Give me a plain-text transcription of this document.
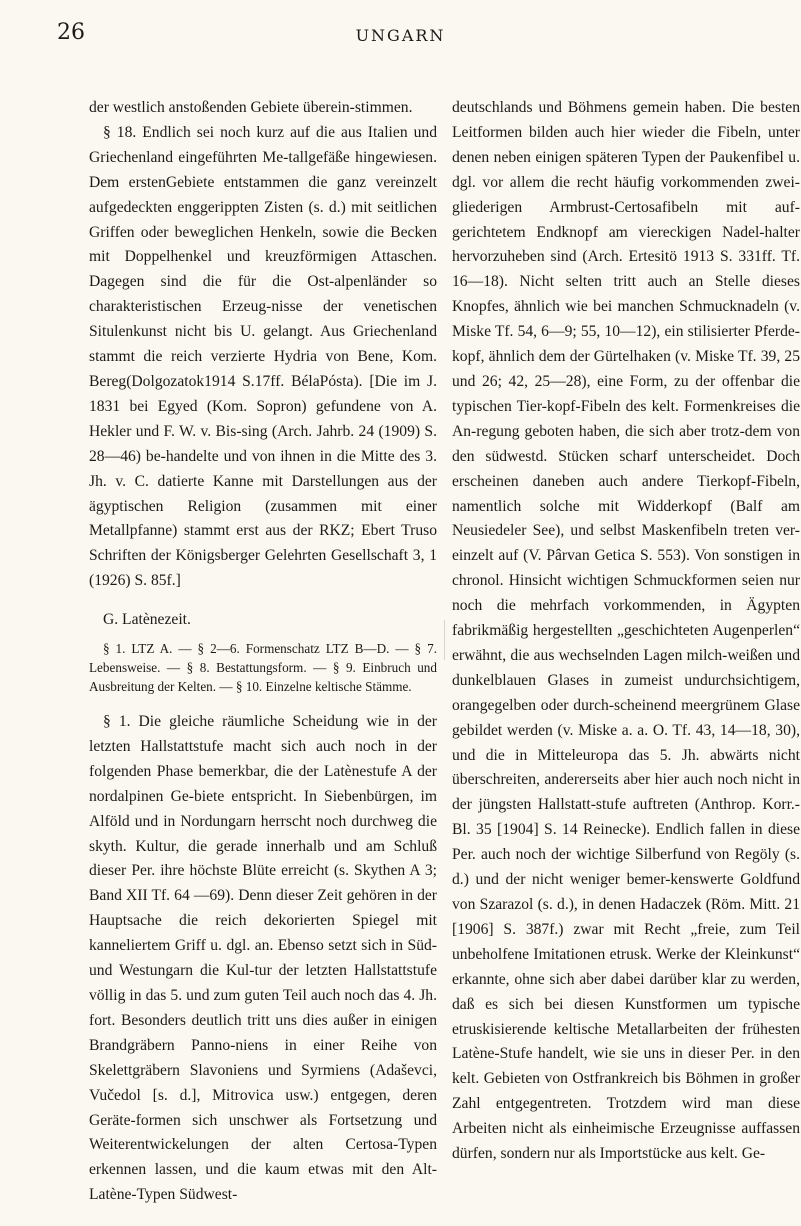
26	UNGARN

der westlich anstoßenden Gebiete überein-stimmen.

§ 18. Endlich sei noch kurz auf die aus Italien und Griechenland eingeführten Me-tallgefäße hingewiesen. Dem erstenGebiete entstammen die ganz vereinzelt aufgedeckten enggerippten Zisten (s. d.) mit seitlichen Griffen oder beweglichen Henkeln, sowie die Becken mit Doppelhenkel und kreuzförmigen Attaschen. Dagegen sind die für die Ost-alpenländer so charakteristischen Erzeug-nisse der venetischen Situlenkunst nicht bis U. gelangt. Aus Griechenland stammt die reich verzierte Hydria von Bene, Kom. Bereg(Dolgozatok1914 S.17ff. BélaPósta). [Die im J. 1831 bei Egyed (Kom. Sopron) gefundene von A. Hekler und F. W. v. Bis-sing (Arch. Jahrb. 24 (1909) S. 28—46) be-handelte und von ihnen in die Mitte des 3. Jh. v. C. datierte Kanne mit Darstellungen aus der ägyptischen Religion (zusammen mit einer Metallpfanne) stammt erst aus der RKZ; Ebert Truso Schriften der Königsberger Gelehrten Gesellschaft 3, 1 (1926) S. 85f.]

G. Latènezeit.

§ 1. LTZ A. — § 2—6. Formenschatz LTZ B—D. — § 7. Lebensweise. — § 8. Bestattungsform. — § 9. Einbruch und Ausbreitung der Kelten. — § 10. Einzelne keltische Stämme.

§ 1. Die gleiche räumliche Scheidung wie in der letzten Hallstattstufe macht sich auch noch in der folgenden Phase bemerkbar, die der Latènestufe A der nordalpinen Ge-biete entspricht. In Siebenbürgen, im Alföld und in Nordungarn herrscht noch durchweg die skyth. Kultur, die gerade innerhalb und am Schluß dieser Per. ihre höchste Blüte erreicht (s. Skythen A 3; Band XII Tf. 64 —69). Denn dieser Zeit gehören in der Hauptsache die reich dekorierten Spiegel mit kanneliertem Griff u. dgl. an. Ebenso setzt sich in Süd- und Westungarn die Kul-tur der letzten Hallstattstufe völlig in das 5. und zum guten Teil auch noch das 4. Jh. fort. Besonders deutlich tritt uns dies außer in einigen Brandgräbern Panno-niens in einer Reihe von Skelettgräbern Slavoniens und Syrmiens (Adaševci, Vučedol [s. d.], Mitrovica usw.) entgegen, deren Geräte-formen sich unschwer als Fortsetzung und Weiterentwickelungen der alten Certosa-Typen erkennen lassen, und die kaum etwas mit den Alt-Latène-Typen Südwest-

deutschlands und Böhmens gemein haben. Die besten Leitformen bilden auch hier wieder die Fibeln, unter denen neben einigen späteren Typen der Paukenfibel u. dgl. vor allem die recht häufig vorkommenden zwei-gliederigen Armbrust-Certosafibeln mit auf-gerichtetem Endknopf am viereckigen Nadel-halter hervorzuheben sind (Arch. Ertesitö 1913 S. 331ff. Tf. 16—18). Nicht selten tritt auch an Stelle dieses Knopfes, ähnlich wie bei manchen Schmucknadeln (v. Miske Tf. 54, 6—9; 55, 10—12), ein stilisierter Pferde-kopf, ähnlich dem der Gürtelhaken (v. Miske Tf. 39, 25 und 26; 42, 25—28), eine Form, zu der offenbar die typischen Tier-kopf-Fibeln des kelt. Formenkreises die An-regung geboten haben, die sich aber trotz-dem von den südwestd. Stücken scharf unterscheidet. Doch erscheinen daneben auch andere Tierkopf-Fibeln, namentlich solche mit Widderkopf (Balf am Neusiedeler See), und selbst Maskenfibeln treten ver-einzelt auf (V. Pârvan Getica S. 553). Von sonstigen in chronol. Hinsicht wichtigen Schmuckformen seien nur noch die mehrfach vorkommenden, in Ägypten fabrikmäßig hergestellten „geschichteten Augenperlen“ erwähnt, die aus wechselnden Lagen milch-weißen und dunkelblauen Glases in zumeist undurchsichtigem, orangegelben oder durch-scheinend meergrünem Glase gebildet werden (v. Miske a. a. O. Tf. 43, 14—18, 30), und die in Mitteleuropa das 5. Jh. abwärts nicht überschreiten, andererseits aber hier auch noch nicht in der jüngsten Hallstatt-stufe auftreten (Anthrop. Korr.-Bl. 35 [1904] S. 14 Reinecke). Endlich fallen in diese Per. auch noch der wichtige Silberfund von Regöly (s. d.) und der nicht weniger bemer-kenswerte Goldfund von Szarazol (s. d.), in denen Hadaczek (Röm. Mitt. 21 [1906] S. 387f.) zwar mit Recht „freie, zum Teil unbeholfene Imitationen etrusk. Werke der Kleinkunst“ erkannte, ohne sich aber dabei darüber klar zu werden, daß es sich bei diesen Kunstformen um typische etruskisierende keltische Metallarbeiten der frühesten Latène-Stufe handelt, wie sie uns in dieser Per. in den kelt. Gebieten von Ostfrankreich bis Böhmen in großer Zahl entgegentreten. Trotzdem wird man diese Arbeiten nicht als einheimische Erzeugnisse auffassen dürfen, sondern nur als Importstücke aus kelt. Ge-
